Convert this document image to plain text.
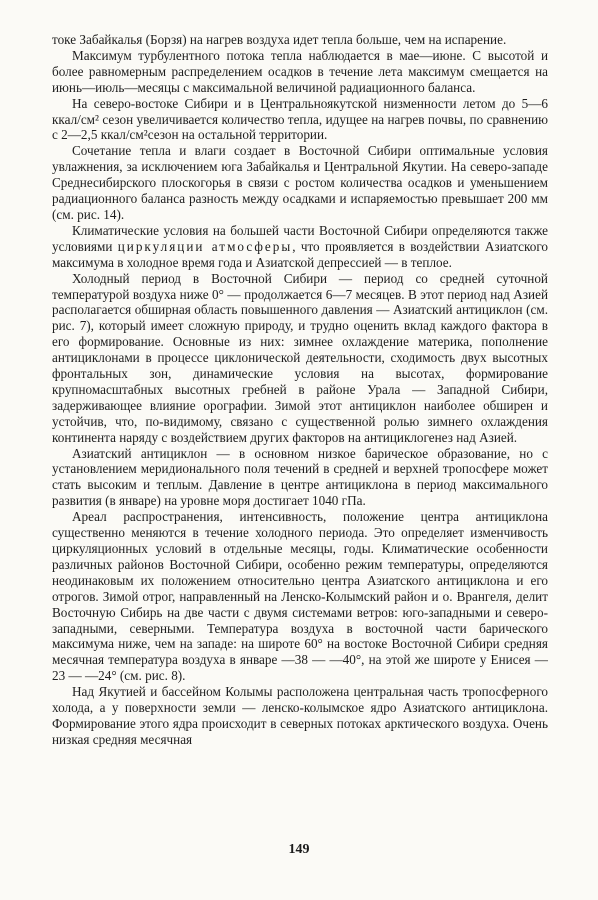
токе Забайкалья (Борзя) на нагрев воздуха идет тепла больше, чем на испарение.

Максимум турбулентного потока тепла наблюдается в мае—июне. С высотой и более равномерным распределением осадков в течение лета максимум смещается на июнь—июль—месяцы с максимальной величиной радиационного баланса.

На северо-востоке Сибири и в Центральноякутской низменности летом до 5—6 ккал/см² сезон увеличивается количество тепла, идущее на нагрев почвы, по сравнению с 2—2,5 ккал/см²сезон на остальной территории.

Сочетание тепла и влаги создает в Восточной Сибири оптимальные условия увлажнения, за исключением юга Забайкалья и Центральной Якутии. На северо-западе Среднесибирского плоскогорья в связи с ростом количества осадков и уменьшением радиационного баланса разность между осадками и испаряемостью превышает 200 мм (см. рис. 14).

Климатические условия на большей части Восточной Сибири определяются также условиями циркуляции атмосферы, что проявляется в воздействии Азиатского максимума в холодное время года и Азиатской депрессией — в теплое.

Холодный период в Восточной Сибири — период со средней суточной температурой воздуха ниже 0° — продолжается 6—7 месяцев. В этот период над Азией располагается обширная область повышенного давления — Азиатский антициклон (см. рис. 7), который имеет сложную природу, и трудно оценить вклад каждого фактора в его формирование. Основные из них: зимнее охлаждение материка, пополнение антициклонами в процессе циклонической деятельности, сходимость двух высотных фронтальных зон, динамические условия на высотах, формирование крупномасштабных высотных гребней в районе Урала — Западной Сибири, задерживающее влияние орографии. Зимой этот антициклон наиболее обширен и устойчив, что, по-видимому, связано с существенной ролью зимнего охлаждения континента наряду с воздействием других факторов на антициклогенез над Азией.

Азиатский антициклон — в основном низкое барическое образование, но с установлением меридионального поля течений в средней и верхней тропосфере может стать высоким и теплым. Давление в центре антициклона в период максимального развития (в январе) на уровне моря достигает 1040 гПа.

Ареал распространения, интенсивность, положение центра антициклона существенно меняются в течение холодного периода. Это определяет изменчивость циркуляционных условий в отдельные месяцы, годы. Климатические особенности различных районов Восточной Сибири, особенно режим температуры, определяются неодинаковым их положением относительно центра Азиатского антициклона и его отрогов. Зимой отрог, направленный на Ленско-Колымский район и о. Врангеля, делит Восточную Сибирь на две части с двумя системами ветров: юго-западными и северо-западными, северными. Температура воздуха в восточной части барического максимума ниже, чем на западе: на широте 60° на востоке Восточной Сибири средняя месячная температура воздуха в январе —38 — —40°, на этой же широте у Енисея —23 — —24° (см. рис. 8).

Над Якутией и бассейном Колымы расположена центральная часть тропосферного холода, а у поверхности земли — ленско-колымское ядро Азиатского антициклона. Формирование этого ядра происходит в северных потоках арктического воздуха. Очень низкая средняя месячная

149
